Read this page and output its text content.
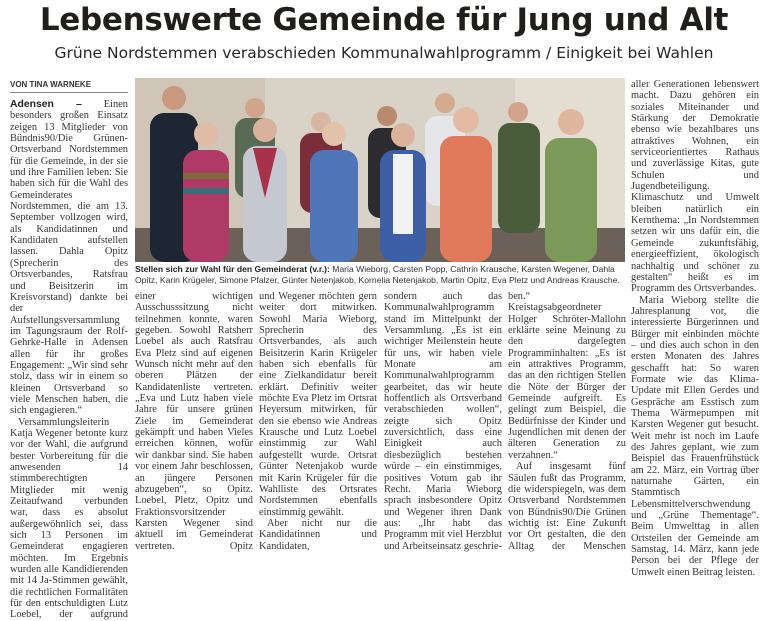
Lebenswerte Gemeinde für Jung und Alt
Grüne Nordstemmen verabschieden Kommunalwahlprogramm / Einigkeit bei Wahlen
VON TINA WARNEKE

Adensen – Einen besonders großen Einsatz zeigen 13 Mitglieder von Bündnis90/Die Grünen-Ortsverband Nordstemmen für die Gemeinde, in der sie und ihre Familien leben: Sie haben sich für die Wahl des Gemeinderates Nordstemmen, die am 13. September vollzogen wird, als Kandidatinnen und Kandidaten aufstellen lassen. Dahla Opitz (Sprecherin des Ortsverbandes, Ratsfrau und Beisitzerin im Kreisvorstand) dankte bei der Aufstellungsversammlung im Tagungsraum der Rolf-Gehrke-Halle in Adensen allen für ihr großes Engagement: „Wir sind sehr stolz, dass wir in einem so kleinen Ortsverband so viele Menschen haben, die sich engagieren.“

Versammlungsleiterin Katja Wegener betonte kurz vor der Wahl, die aufgrund bester Vorbereitung für die anwesenden 14 stimmberechtigten Mitglieder mit wenig Zeitaufwand verbunden war, dass es absolut außergewöhnlich sei, dass sich 13 Personen im Gemeinderat engagieren möchten. Im Ergebnis wurden alle Kandidierenden mit 14 Ja-Stimmen gewählt, die rechtlichen Formalitäten für den entschuldigten Lutz Loebel, der aufgrund

Stellen sich zur Wahl für den Gemeinderat (v.r.): Maria Wieborg, Carsten Popp, Cathrin Krausche, Karsten Wegener, Dahla Opitz, Karin Krügeler, Simone Pfalzer, Günter Netenjakob, Kornelia Netenjakob, Martin Opitz, Eva Pletz und Andreas Krausche.

einer wichtigen Ausschusssitzung nicht teilnehmen konnte, waren gegeben. Sowohl Ratsherr Loebel als auch Ratsfrau Eva Pletz sind auf eigenen Wunsch nicht mehr auf den oberen Plätzen der Kandidatenliste vertreten. „Eva und Lutz haben viele Jahre für unsere grünen Ziele im Gemeinderat gekämpft und haben Vieles erreichen können, wofür wir dankbar sind. Sie haben vor einem Jahr beschlossen, an jüngere Personen abzugeben“, so Opitz. Loebel, Pletz, Opitz und Fraktionsvorsitzender Karsten Wegener sind aktuell im Gemeinderat vertreten. Opitz

und Wegener möchten gern weiter dort mitwirken. Sowohl Maria Wieborg, Sprecherin des Ortsverbandes, als auch Beisitzerin Karin Krügeler haben sich ebenfalls für eine Zielkandidatur bereit erklärt. Definitiv weiter möchte Eva Pletz im Ortsrat Heyersum mitwirken, für den sie ebenso wie Andreas Krausche und Lutz Loebel einstimmig zur Wahl aufgestellt wurde. Ortsrat Günter Netenjakob wurde mit Karin Krügeler für die Wahlliste des Ortsrates Nordstemmen ebenfalls einstimmig gewählt.

Aber nicht nur die Kandidatinnen und Kandidaten,

sondern auch das Kommunalwahlprogramm stand im Mittelpunkt der Versammlung. „Es ist ein wichtiger Meilenstein heute für uns, wir haben viele Monate am Kommunalwahlprogramm gearbeitet, das wir heute hoffentlich als Ortsverband verabschieden wollen“, zeigte sich Opitz zuversichtlich, dass eine Einigkeit auch diesbezüglich bestehen würde – ein einstimmiges, positives Votum gab ihr Recht. Maria Wieborg sprach insbesondere Opitz und Wegener ihren Dank aus: „Ihr habt das Programm mit viel Herzblut und Arbeitseinsatz geschrie-

ben.“ Kreistagsabgeordneter Holger Schröter-Mallohn erklärte seine Meinung zu den dargelegten Programminhalten: „Es ist ein attraktives Programm, das an den richtigen Stellen die Nöte der Bürger der Gemeinde aufgreift. Es gelingt zum Beispiel, die Bedürfnisse der Kinder und Jugendlichen mit denen der älteren Generation zu verzahnen.“

Auf insgesamt fünf Säulen fußt das Programm, die widerspiegeln, was dem Ortsverband Nordstemmen von Bündnis90/Die Grünen wichtig ist: Eine Zukunft vor Ort gestalten, die den Alltag der Menschen

aller Generationen lebenswert macht. Dazu gehören ein soziales Miteinander und Stärkung der Demokratie ebenso wie bezahlbares uns attraktives Wohnen, ein serviceorientiertes Rathaus und zuverlässige Kitas, gute Schulen und Jugendbeteiligung. Klimaschutz und Umwelt bleiben natürlich ein Kernthema: „In Nordstemmen setzen wir uns dafür ein, die Gemeinde zukunftsfähig, energieeffizient, ökologisch nachhaltig und schöner zu gestalten“ heißt es im Programm des Ortsverbandes.

Maria Wieborg stellte die Jahresplanung vor, die interessierte Bürgerinnen und Bürger mit einbinden möchte – und dies auch schon in den ersten Monaten des Jahres geschafft hat: So waren Formate wie das Klima-Update mit Ellen Gerdes und Gespräche am Esstisch zum Thema Wärmepumpen mit Karsten Wegener gut besucht. Weit mehr ist noch im Laufe des Jahres geplant, wie zum Beispiel das Frauenfrühstück am 22. März, ein Vortrag über naturnahe Gärten, ein Stammtisch Lebensmittelverschwendung und „Grüne Thementage“. Beim Umwelttag in allen Ortsteilen der Gemeinde am Samstag, 14. März, kann jede Person bei der Pflege der Umwelt einen Beitrag leisten.
